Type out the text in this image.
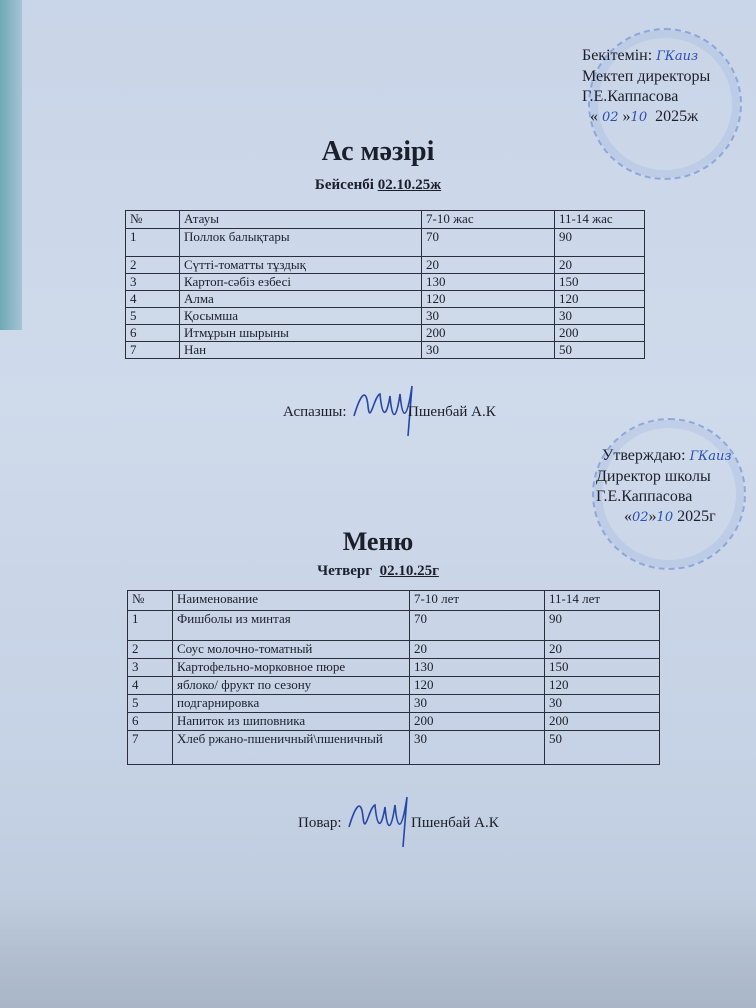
Бекітемін: ГКаиз
Мектеп директоры
Г.Е.Каппасова
« 02 »10 2025ж
Ас мәзірі
Бейсенбі 02.10.25ж
№	Атауы	7-10 жас	11-14 жас
1	Поллок балықтары	70	90
2	Сүтті-томатты тұздық	20	20
3	Картоп-сәбіз езбесі	130	150
4	Алма	120	120
5	Қосымша	30	30
6	Итмұрын шырыны	200	200
7	Нан	30	50
Аспазшы:	Пшенбай А.К
Утверждаю: ГКаиз
Директор школы
Г.Е.Каппасова
«02»10 2025г
Меню
Четверг 02.10.25г
№	Наименование	7-10 лет	11-14 лет
1	Фишболы из минтая	70	90
2	Соус молочно-томатный	20	20
3	Картофельно-морковное пюре	130	150
4	яблоко/ фрукт по сезону	120	120
5	подгарнировка	30	30
6	Напиток из шиповника	200	200
7	Хлеб ржано-пшеничный\пшеничный	30	50
Повар:	Пшенбай А.К
